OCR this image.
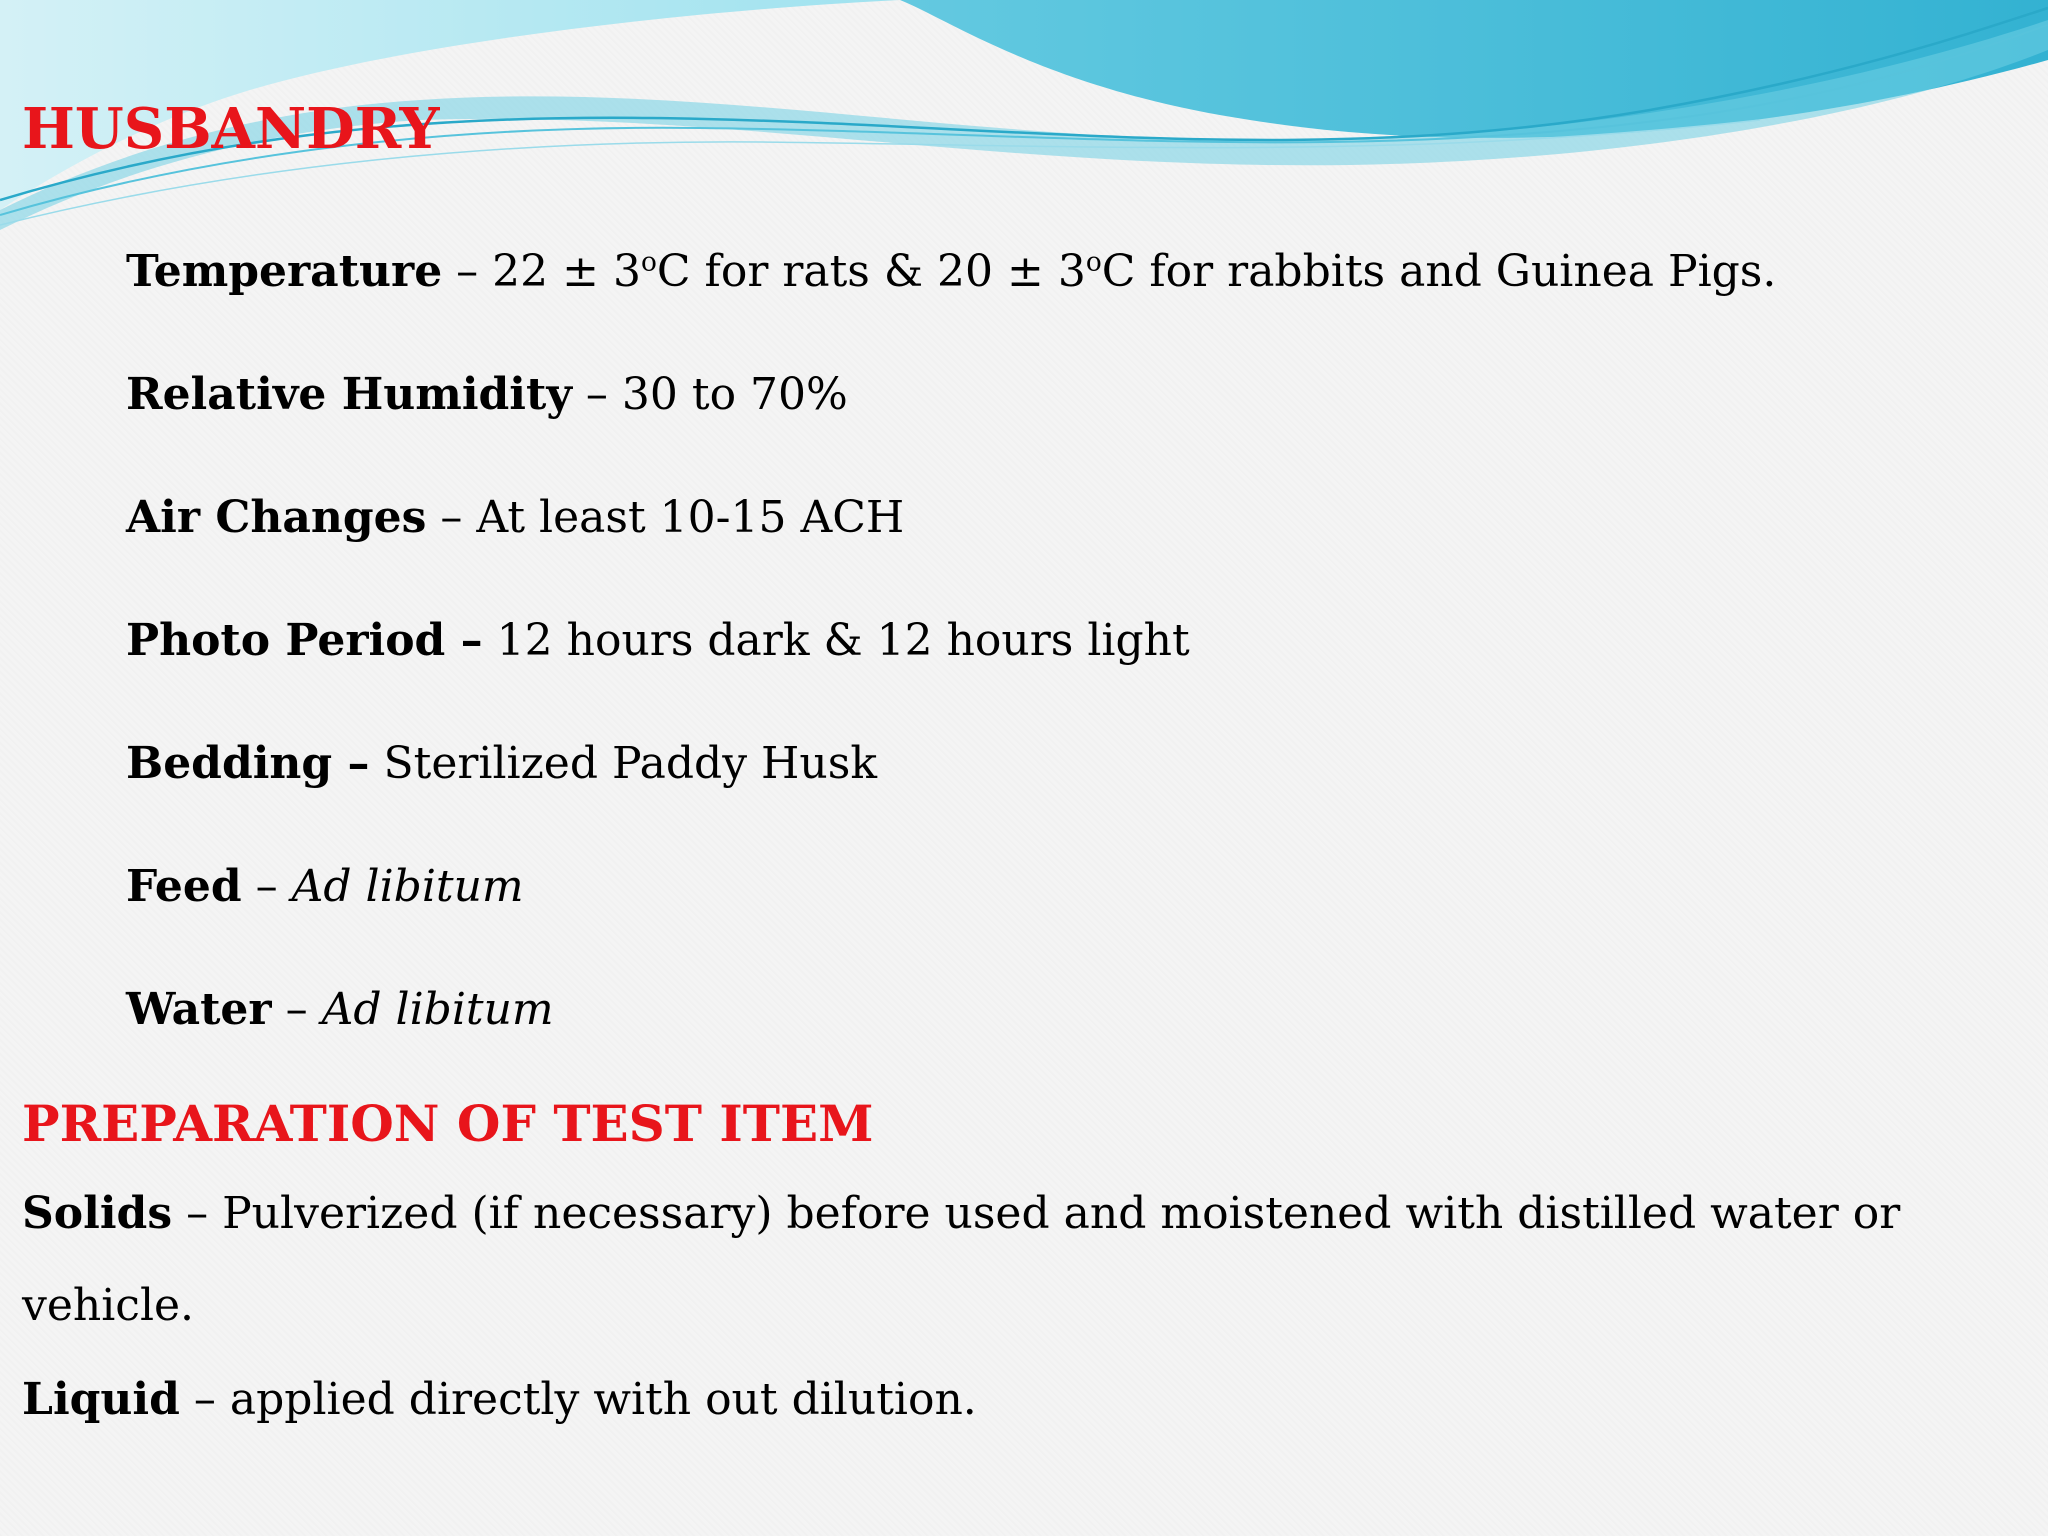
HUSBANDRY
Temperature – $22 \pm 3^oC$ for rats & $20 \pm 3^oC$ for rabbits and Guinea Pigs.
Relative Humidity – 30 to 70%
Air Changes – At least 10-15 ACH
Photo Period – 12 hours dark & 12 hours light
Bedding – Sterilized Paddy Husk
Feed – Ad libitum
Water – Ad libitum
PREPARATION OF TEST ITEM

Solids – Pulverized (if necessary) before used and moistened with distilled water or vehicle.

Liquid – applied directly with out dilution.
